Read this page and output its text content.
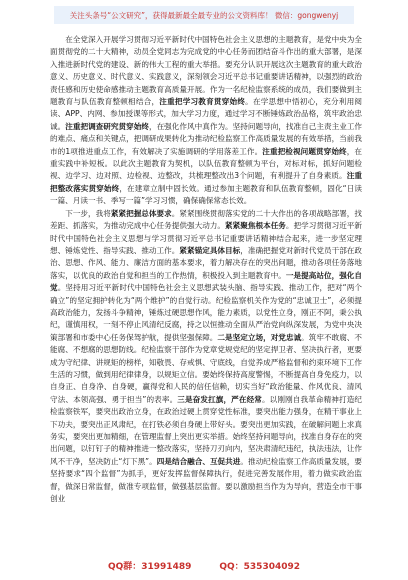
关注头条号“公文研究”，获得最新最全最专业的公文资料库！ 微信：gongwenyj

在全党深入开展学习贯彻习近平新时代中国特色社会主义思想的主题教育，是党中央为全面贯彻党的二十大精神，动员全党同志为完成党的中心任务而团结奋斗作出的重大部署，是深入推进新时代党的建设、新的伟大工程的重大举措。要充分认识开展这次主题教育的重大政治意义、历史意义、时代意义、实践意义，深刻领会习近平总书记重要讲话精神，以强烈的政治责任感和历史使命感推动主题教育高质量开展。作为一名纪检监察系统的成员，我们要做到主题教育与队伍教育整顿相结合，注重把学习教育贯穿始终。在学思想中悟初心，充分利用阅读、APP、内网、参加授课等形式，加大学习力度，通过学习不断锤炼政治品格，筑牢政治忠诚。注重把调查研究贯穿始终，在强化作风中真作为。坚持问题导向，找准自己主责主业工作的难点、痛点和关键点，把调研成果转化为推动纪检监察工作高质量发展的有效举措，当前我市的1项推进重点工作，有效解决了实施调研的学用落差工作。注重把检视问题贯穿始终，在重实践中补短板。以此次主题教育为契机，以队伍教育整顿为平台，对标对标，抓好问题检视、边学习、边对照、边检视、边整改，共梳理整改出3个问题，有利提升了自身素质。注重把整改落实贯穿始终，在建章立制中固长效。通过参加主题教育和队伍教育整顿，固化“日读一篇、月读一书、季写一篇”学习习惯，确保确保常态长效。

下一步，我将紧紧把握总体要求。紧紧围绕贯彻落实党的二十大作出的各项战略部署，找差距、抓落实，为推动完成中心任务提供强大动力。紧紧聚焦根本任务。把学习贯彻习近平新时代中国特色社会主义思想与学习贯彻习近平总书记重要讲话精神结合起来，进一步坚定理想、锤炼党性、指导实践、推动工作。紧紧锚定具体目标，准确把握党对新时代党员干部在政治、思想、作风、能力、廉洁方面的基本要求，着力解决存在的突出问题，推动各项任务落地落实，以优良的政治自觉和担当的工作热情，积极投入到主题教育中。一是提高站位，强化自觉。坚持用习近平新时代中国特色社会主义思想武装头脑、指导实践、推动工作，把对“两个确立”的坚定拥护转化为“两个维护”的自觉行动。纪检监察机关作为党的“忠诚卫士”，必须提高政治能力，发扬斗争精神，锤炼过硬思想作风，能力素质，以党性立身，刚正不阿，秉公执纪，谨慎用权，一刻不停止风清纪反腐，持之以恒推动全面从严治党向纵深发展，为党中央决策部署和市委中心任务保驾护航，提供坚强保障。二是坚定立场，对党忠诚。筑牢不敢腐、不能腐、不想腐的思想防线。纪检监察干部作为党章党规党纪的坚定捍卫者、坚决执行者，更要成为守纪律、讲规矩的榜样，知敬畏、存戒惧、守底线，自觉养成严格监督和约束环境下工作生活的习惯，做到用纪律律身，以规矩立信。要始终保持高度警惕，不断提高自身免疫力，以自身正、自身净、自身硬，赢得党和人民的信任信赖，切实当好“政治能量、作风优良、清风守法、本领高强、勇于担当”的表率。三是奋发扛旗，严在经常。以刚刚自我革命精神打造纪检监察铁军，要突出政治立身，在政治过硬上贯穿党性标准，要突出能力强身，在精干事业上下功夫，要突出正风肃纪，在打铁必须自身硬上带好头。要突出更加实践，在破解问题上求真务实，要突出更加精细，在管理监督上突出更实举措。始终坚持问题导向，找准自身存在的突出问题，以钉钉子的精神推进一整改落实，坚持刀刃向内，坚决肃清纪违纪，执法违法，让作风不干净，坚决防止“灯下黑”。四是结合融合、互促共进。推动纪检监察工作高质量发展，要坚持要求“四个监督”为抓手，更好发挥监督保障执行，促进完善发展作用，着力做实政治监督，做深日常监督，做准专项监督，做强基层监督。要以激励担当作为为导向，营造全市干事创业

QQ群：31991489	QQ：535304092
